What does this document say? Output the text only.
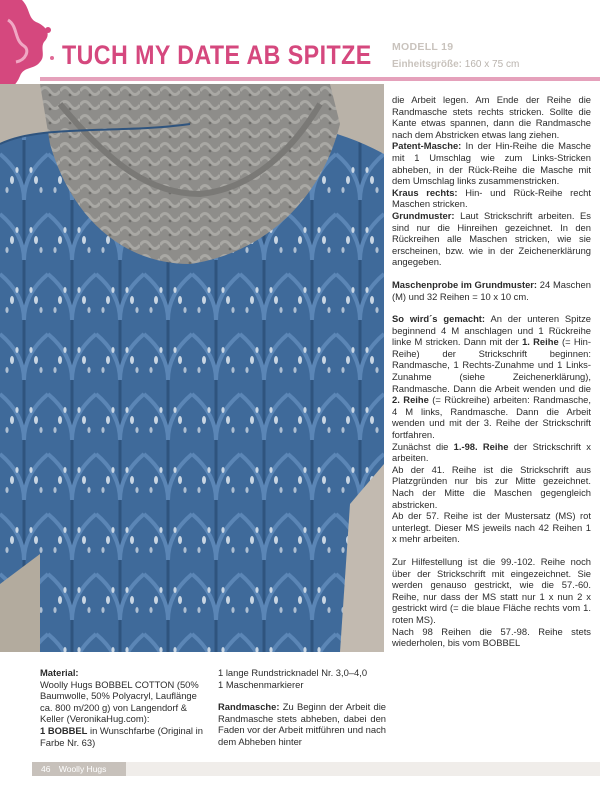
TUCH MY DATE AB SPITZE MODELL 19
Einheitsgröße: 160 x 75 cm

die Arbeit legen. Am Ende der Reihe die Randmasche stets rechts stricken. Sollte die Kante etwas spannen, dann die Randmasche nach dem Abstricken etwas lang ziehen.

Patent-Masche: In der Hin-Reihe die Masche mit 1 Umschlag wie zum Links-Stricken abheben, in der Rück-Reihe die Masche mit dem Umschlag links zusammenstricken.

Kraus rechts: Hin- und Rück-Reihe recht Maschen stricken.

Grundmuster: Laut Strickschrift arbeiten. Es sind nur die Hinreihen gezeichnet. In den Rückreihen alle Maschen stricken, wie sie erscheinen, bzw. wie in der Zeichenerklärung angegeben.

Maschenprobe im Grundmuster: 24 Maschen (M) und 32 Reihen = 10 x 10 cm.

So wird´s gemacht: An der unteren Spitze beginnend 4 M anschlagen und 1 Rückreihe linke M stricken. Dann mit der 1. Reihe (= Hin-Reihe) der Strickschrift beginnen: Randmasche, 1 Rechts-Zunahme und 1 Links-Zunahme (siehe Zeichenerklärung), Randmasche. Dann die Arbeit wenden und die 2. Reihe (= Rückreihe) arbeiten: Randmasche, 4 M links, Randmasche. Dann die Arbeit wenden und mit der 3. Reihe der Strickschrift fortfahren.

Zunächst die 1.-98. Reihe der Strickschrift x arbeiten.

Ab der 41. Reihe ist die Strickschrift aus Platzgründen nur bis zur Mitte gezeichnet. Nach der Mitte die Maschen gegengleich abstricken.

Ab der 57. Reihe ist der Mustersatz (MS) rot unterlegt. Dieser MS jeweils nach 42 Reihen 1 x mehr arbeiten.

Zur Hilfestellung ist die 99.-102. Reihe noch über der Strickschrift mit eingezeichnet. Sie werden genauso gestrickt, wie die 57.-60. Reihe, nur dass der MS statt nur 1 x nun 2 x gestrickt wird (= die blaue Fläche rechts vom 1. roten MS).

Nach 98 Reihen die 57.-98. Reihe stets wiederholen, bis vom BOBBEL

Material:

Woolly Hugs BOBBEL COTTON (50% Baumwolle, 50% Polyacryl, Lauflänge ca. 800 m/200 g) von Langendorf & Keller (VeronikaHug.com):

1 BOBBEL in Wunschfarbe (Original in Farbe Nr. 63)

1 lange Rundstricknadel Nr. 3,0–4,0

1 Maschenmarkierer

Randmasche: Zu Beginn der Arbeit die Randmasche stets abheben, dabei den Faden vor der Arbeit mitführen und nach dem Abheben hinter

46 Woolly Hugs
PassionForum.ru
